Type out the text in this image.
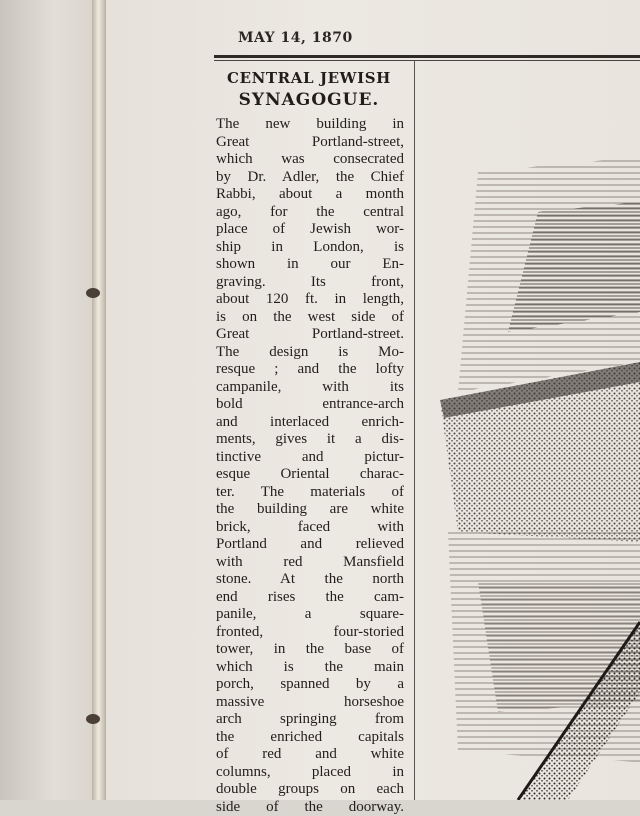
MAY 14, 1870
CENTRAL JEWISH
SYNAGOGUE.
The new building in
Great Portland-street,
which was consecrated
by Dr. Adler, the Chief
Rabbi, about a month
ago, for the central
place of Jewish wor-
ship in London, is
shown in our En-
graving. Its front,
about 120 ft. in length,
is on the west side of
Great Portland-street.
The design is Mo-
resque ; and the lofty
campanile, with its
bold entrance-arch
and interlaced enrich-
ments, gives it a dis-
tinctive and pictur-
esque Oriental charac-
ter. The materials of
the building are white
brick, faced with
Portland and relieved
with red Mansfield
stone. At the north
end rises the cam-
panile, a square-
fronted, four-storied
tower, in the base of
which is the main
porch, spanned by a
massive horseshoe
arch springing from
the enriched capitals
of red and white
columns, placed in
double groups on each
side of the doorway.
